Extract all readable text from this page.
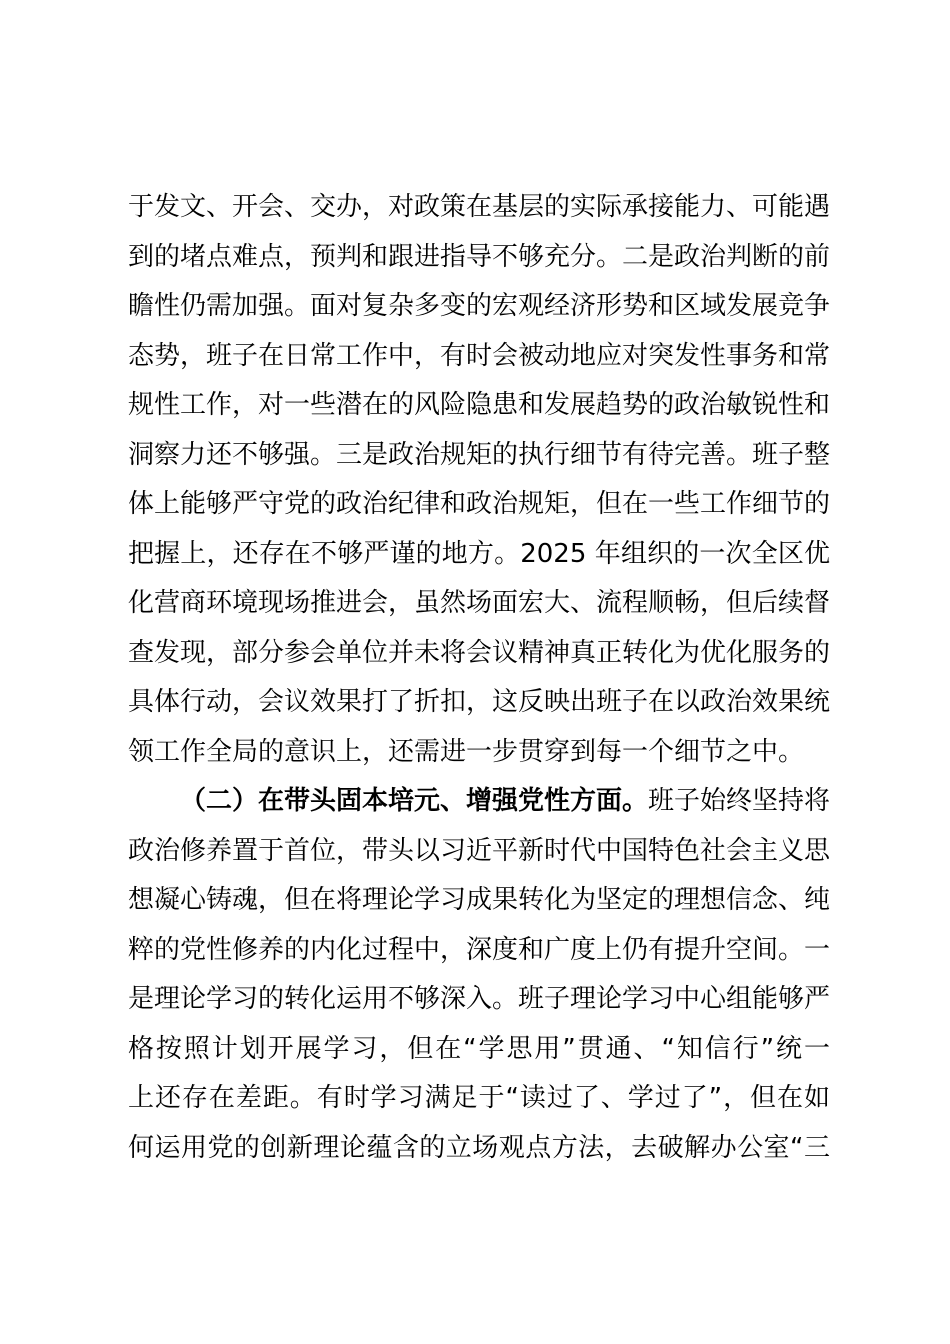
于发文、开会、交办，对政策在基层的实际承接能力、可能遇
到的堵点难点，预判和跟进指导不够充分。二是政治判断的前
瞻性仍需加强。面对复杂多变的宏观经济形势和区域发展竞争
态势，班子在日常工作中，有时会被动地应对突发性事务和常
规性工作，对一些潜在的风险隐患和发展趋势的政治敏锐性和
洞察力还不够强。三是政治规矩的执行细节有待完善。班子整
体上能够严守党的政治纪律和政治规矩，但在一些工作细节的
把握上，还存在不够严谨的地方。2025 年组织的一次全区优
化营商环境现场推进会，虽然场面宏大、流程顺畅，但后续督
查发现，部分参会单位并未将会议精神真正转化为优化服务的
具体行动，会议效果打了折扣，这反映出班子在以政治效果统
领工作全局的意识上，还需进一步贯穿到每一个细节之中。
（二）在带头固本培元、增强党性方面。班子始终坚持将
政治修养置于首位，带头以习近平新时代中国特色社会主义思
想凝心铸魂，但在将理论学习成果转化为坚定的理想信念、纯
粹的党性修养的内化过程中，深度和广度上仍有提升空间。一
是理论学习的转化运用不够深入。班子理论学习中心组能够严
格按照计划开展学习，但在“学思用”贯通、“知信行”统一
上还存在差距。有时学习满足于“读过了、学过了”，但在如
何运用党的创新理论蕴含的立场观点方法，去破解办公室“三
